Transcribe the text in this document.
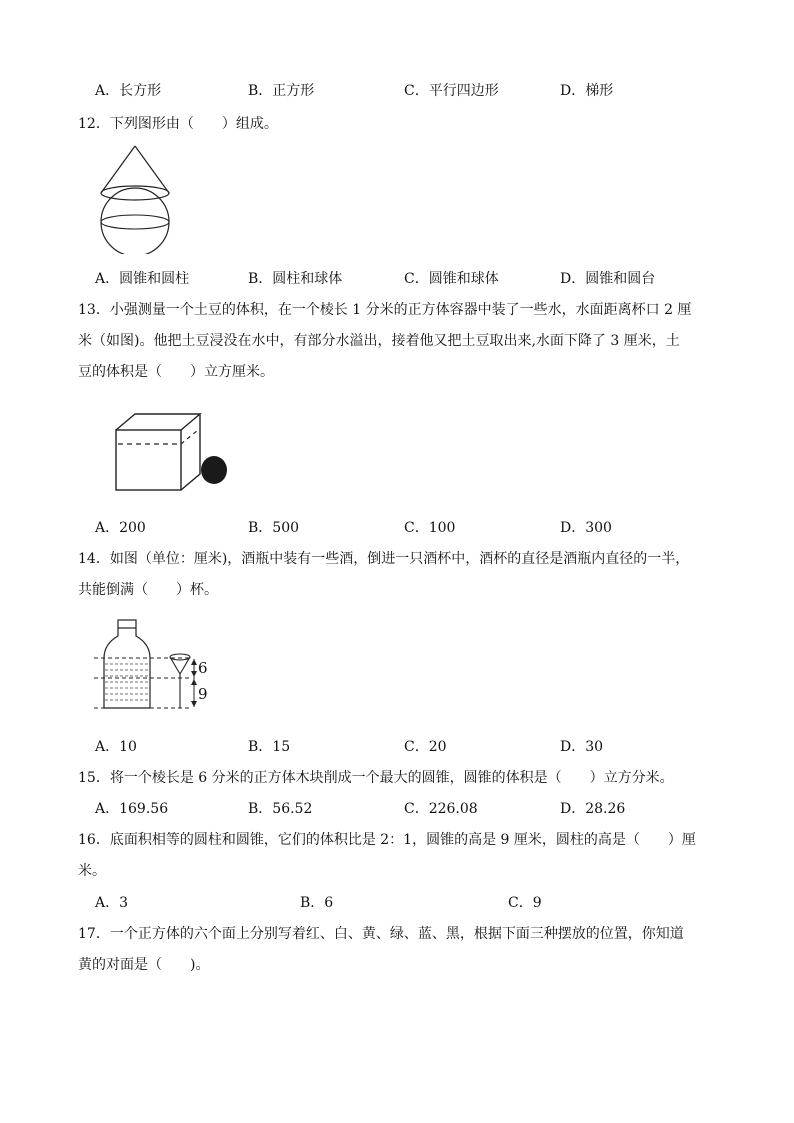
A．长方形	B．正方形	C．平行四边形	D．梯形
12．下列图形由（　　）组成。
A．圆锥和圆柱	B．圆柱和球体	C．圆锥和球体	D．圆锥和圆台
13．小强测量一个土豆的体积，在一个棱长 1 分米的正方体容器中装了一些水，水面距离杯口 2 厘
米（如图)。他把土豆浸没在水中，有部分水溢出，接着他又把土豆取出来,水面下降了 3 厘米，土
豆的体积是（　　）立方厘米。
A．200	B．500	C．100	D．300
14．如图（单位：厘米)，酒瓶中装有一些酒，倒进一只酒杯中，酒杯的直径是酒瓶内直径的一半，
共能倒满（　　）杯。
6
9
A．10	B．15	C．20	D．30
15．将一个棱长是 6 分米的正方体木块削成一个最大的圆锥，圆锥的体积是（　　）立方分米。
A．169.56	B．56.52	C．226.08	D．28.26
16．底面积相等的圆柱和圆锥，它们的体积比是 2：1，圆锥的高是 9 厘米，圆柱的高是（　　）厘
米。
A．3	B．6	C．9
17．一个正方体的六个面上分别写着红、白、黄、绿、蓝、黑，根据下面三种摆放的位置，你知道
黄的对面是（　　)。
